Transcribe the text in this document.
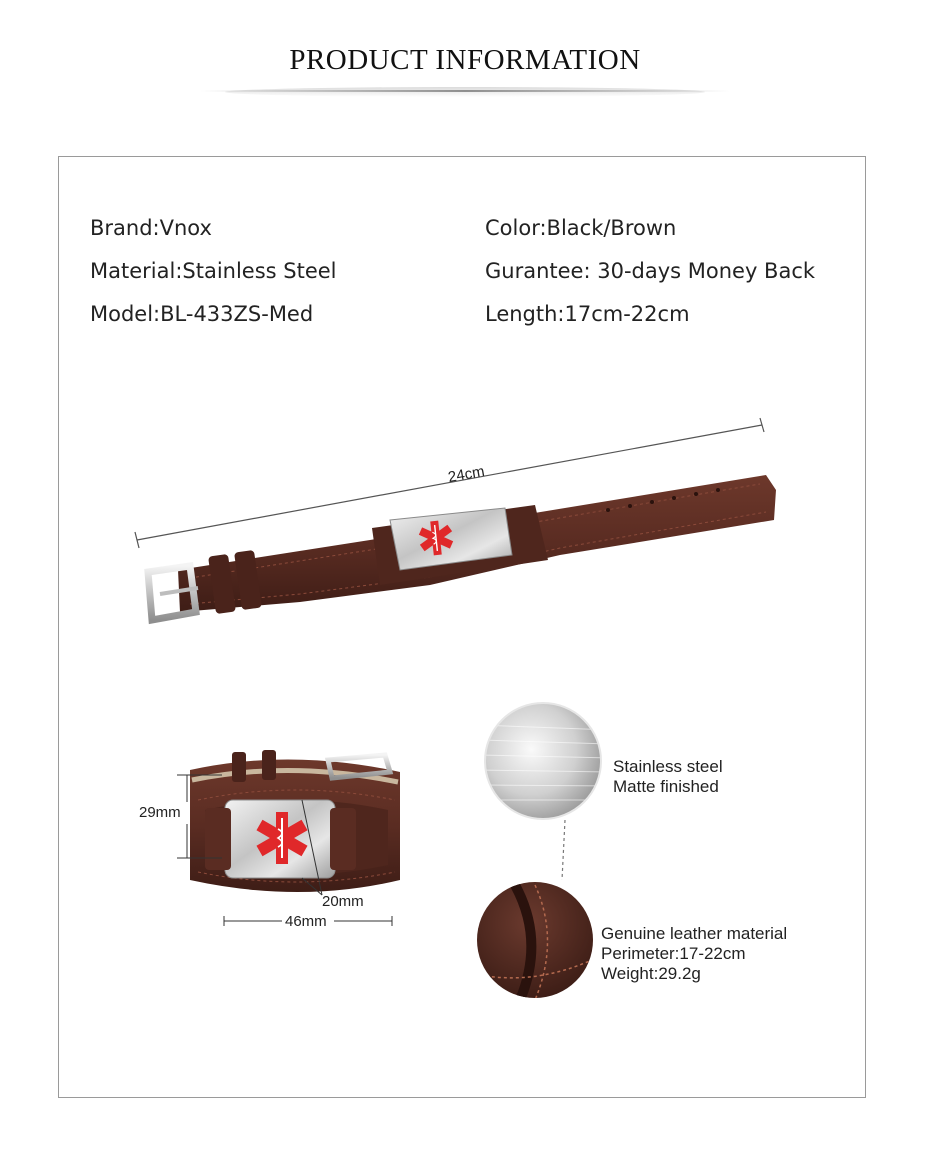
PRODUCT INFORMATION
Brand:Vnox
Material:Stainless Steel
Model:BL-433ZS-Med
Color:Black/Brown
Gurantee: 30-days Money Back
Length:17cm-22cm
24cm
29mm
20mm
46mm
Stainless steel
Matte finished
Genuine leather material
Perimeter:17-22cm
Weight:29.2g
